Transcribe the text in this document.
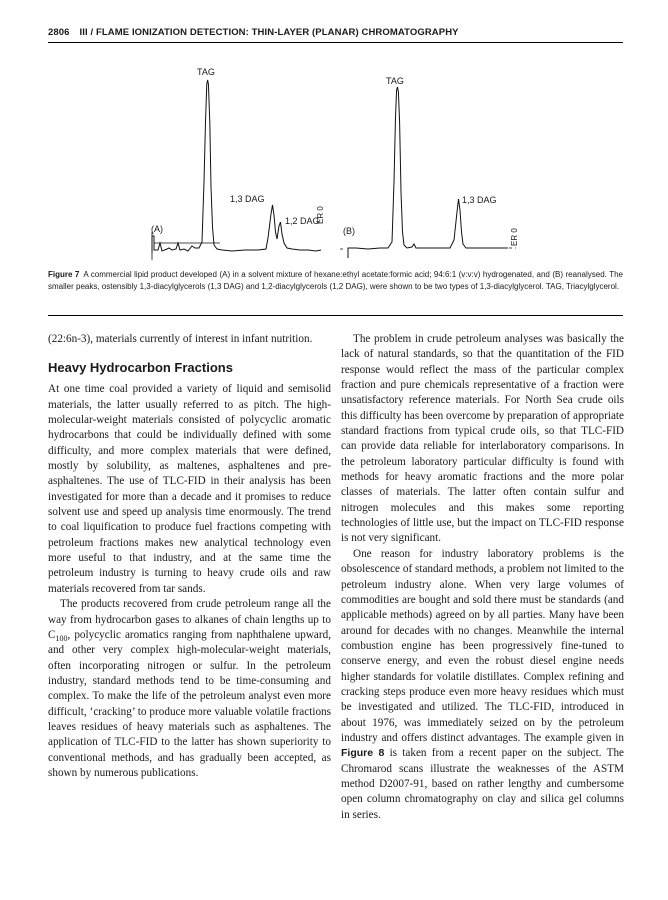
2806 III / FLAME IONIZATION DETECTION: THIN-LAYER (PLANAR) CHROMATOGRAPHY
(A)
TAG
1,3 DAG
1,2 DAG
ER 0
(B)
TAG
1,3 DAG
ER 0
Figure 7 A commercial lipid product developed (A) in a solvent mixture of hexane:ethyl acetate:formic acid; 94:6:1 (v:v:v) hydrogenated, and (B) reanalysed. The smaller peaks, ostensibly 1,3-diacylglycerols (1,3 DAG) and 1,2-diacylglycerols (1,2 DAG), were shown to be two types of 1,3-diacylglycerol. TAG, Triacylglycerol.

(22:6n-3), materials currently of interest in infant nutrition.

Heavy Hydrocarbon Fractions

At one time coal provided a variety of liquid and semisolid materials, the latter usually referred to as pitch. The high-molecular-weight materials consisted of polycyclic aromatic hydrocarbons that could be individually defined with some difficulty, and more complex materials that were defined, mostly by solubility, as maltenes, asphaltenes and pre-asphaltenes. The use of TLC-FID in their analysis has been investigated for more than a decade and it promises to reduce solvent use and speed up analysis time enormously. The trend to coal liquification to produce fuel fractions competing with petroleum fractions makes new analytical technology even more useful to that industry, and at the same time the petroleum industry is turning to heavy crude oils and raw materials recovered from tar sands.

The products recovered from crude petroleum range all the way from hydrocarbon gases to alkanes of chain lengths up to $C_{100}$, polycyclic aromatics ranging from naphthalene upward, and other very complex high-molecular-weight materials, often incorporating nitrogen or sulfur. In the petroleum industry, standard methods tend to be time-consuming and complex. To make the life of the petroleum analyst even more difficult, ‘cracking’ to produce more valuable volatile fractions leaves residues of heavy materials such as asphaltenes. The application of TLC-FID to the latter has shown superiority to conventional methods, and has gradually been accepted, as shown by numerous publications.

The problem in crude petroleum analyses was basically the lack of natural standards, so that the quantitation of the FID response would reflect the mass of the particular complex fraction and pure chemicals representative of a fraction were unsatisfactory reference materials. For North Sea crude oils this difficulty has been overcome by preparation of appropriate standard fractions from typical crude oils, so that TLC-FID can provide data reliable for interlaboratory comparisons. In the petroleum laboratory particular difficulty is found with methods for heavy aromatic fractions and the more polar classes of materials. The latter often contain sulfur and nitrogen molecules and this makes some reporting technologies of little use, but the impact on TLC-FID response is not very significant.

One reason for industry laboratory problems is the obsolescence of standard methods, a problem not limited to the petroleum industry alone. When very large volumes of commodities are bought and sold there must be standards (and applicable methods) agreed on by all parties. Many have been around for decades with no changes. Meanwhile the internal combustion engine has been progressively fine-tuned to conserve energy, and even the robust diesel engine needs higher standards for volatile distillates. Complex refining and cracking steps produce even more heavy residues which must be investigated and utilized. The TLC-FID, introduced in about 1976, was immediately seized on by the petroleum industry and offers distinct advantages. The example given in Figure 8 is taken from a recent paper on the subject. The Chromarod scans illustrate the weaknesses of the ASTM method D2007-91, based on rather lengthy and cumbersome open column chromatography on clay and silica gel columns in series.
